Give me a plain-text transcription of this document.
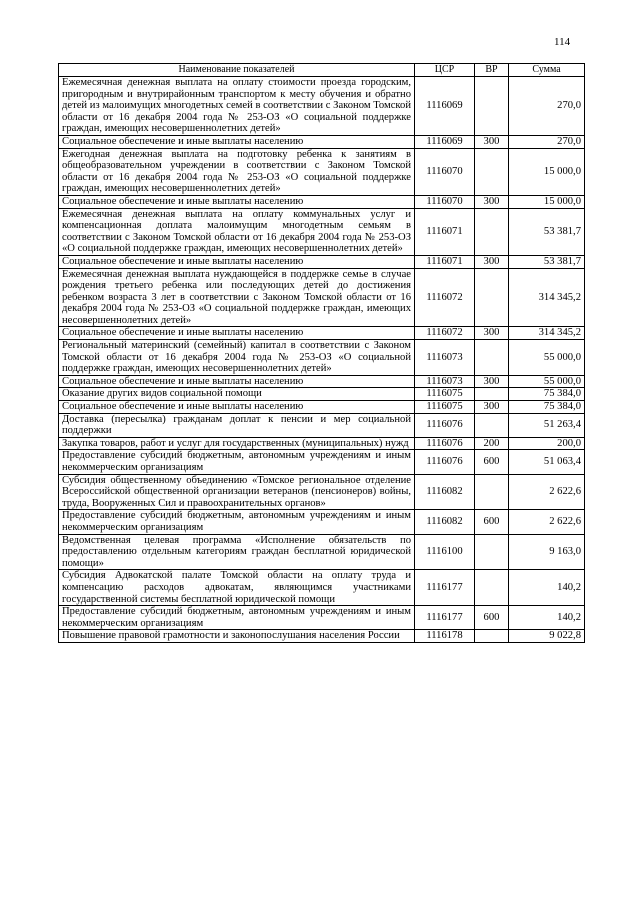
114
Наименование показателей	ЦСР	ВР	Сумма
Ежемесячная денежная выплата на оплату стоимости проезда городским, пригородным и внутрирайонным транспортом к месту обучения и обратно детей из малоимущих многодетных семей в соответствии с Законом Томской области от 16 декабря 2004 года № 253-ОЗ «О социальной поддержке граждан, имеющих несовершеннолетних детей»	1116069		270,0
Социальное обеспечение и иные выплаты населению	1116069	300	270,0
Ежегодная денежная выплата на подготовку ребенка к занятиям в общеобразовательном учреждении в соответствии с Законом Томской области от 16 декабря 2004 года № 253-ОЗ «О социальной поддержке граждан, имеющих несовершеннолетних детей»	1116070		15 000,0
Социальное обеспечение и иные выплаты населению	1116070	300	15 000,0
Ежемесячная денежная выплата на оплату коммунальных услуг и компенсационная доплата малоимущим многодетным семьям в соответствии с Законом Томской области от 16 декабря 2004 года № 253-ОЗ «О социальной поддержке граждан, имеющих несовершеннолетних детей»	1116071		53 381,7
Социальное обеспечение и иные выплаты населению	1116071	300	53 381,7
Ежемесячная денежная выплата нуждающейся в поддержке семье в случае рождения третьего ребенка или последующих детей до достижения ребенком возраста 3 лет в соответствии с Законом Томской области от 16 декабря 2004 года № 253-ОЗ «О социальной поддержке граждан, имеющих несовершеннолетних детей»	1116072		314 345,2
Социальное обеспечение и иные выплаты населению	1116072	300	314 345,2
Региональный материнский (семейный) капитал в соответствии с Законом Томской области от 16 декабря 2004 года № 253-ОЗ «О социальной поддержке граждан, имеющих несовершеннолетних детей»	1116073		55 000,0
Социальное обеспечение и иные выплаты населению	1116073	300	55 000,0
Оказание других видов социальной помощи	1116075		75 384,0
Социальное обеспечение и иные выплаты населению	1116075	300	75 384,0
Доставка (пересылка) гражданам доплат к пенсии и мер социальной поддержки	1116076		51 263,4
Закупка товаров, работ и услуг для государственных (муниципальных) нужд	1116076	200	200,0
Предоставление субсидий бюджетным, автономным учреждениям и иным некоммерческим организациям	1116076	600	51 063,4
Субсидия общественному объединению «Томское региональное отделение Всероссийской общественной организации ветеранов (пенсионеров) войны, труда, Вооруженных Сил и правоохранительных органов»	1116082		2 622,6
Предоставление субсидий бюджетным, автономным учреждениям и иным некоммерческим организациям	1116082	600	2 622,6
Ведомственная целевая программа «Исполнение обязательств по предоставлению отдельным категориям граждан бесплатной юридической помощи»	1116100		9 163,0
Субсидия Адвокатской палате Томской области на оплату труда и компенсацию расходов адвокатам, являющимся участниками государственной системы бесплатной юридической помощи	1116177		140,2
Предоставление субсидий бюджетным, автономным учреждениям и иным некоммерческим организациям	1116177	600	140,2
Повышение правовой грамотности и законопослушания населения России	1116178		9 022,8
